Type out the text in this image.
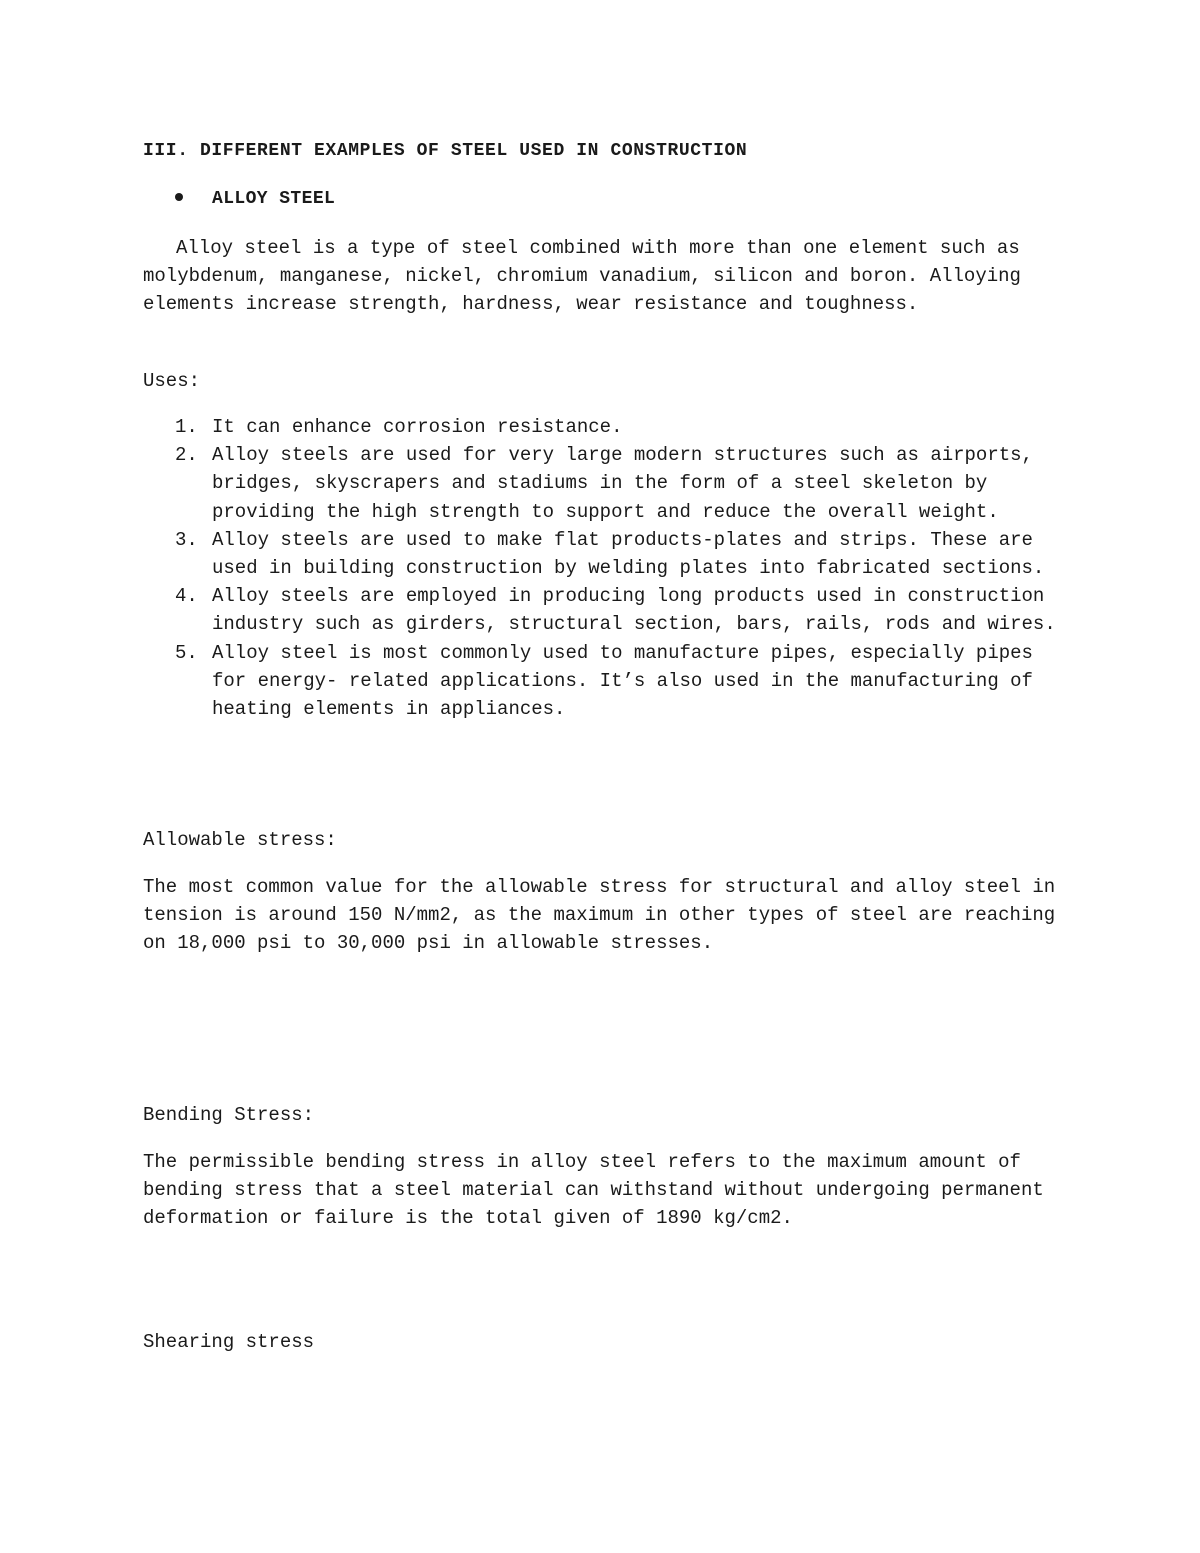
III. DIFFERENT EXAMPLES OF STEEL USED IN CONSTRUCTION
ALLOY STEEL

Alloy steel is a type of steel combined with more than one element such as molybdenum, manganese, nickel, chromium vanadium, silicon and boron. Alloying elements increase strength, hardness, wear resistance and toughness.

Uses:

1. It can enhance corrosion resistance.
2. Alloy steels are used for very large modern structures such as airports, bridges, skyscrapers and stadiums in the form of a steel skeleton by providing the high strength to support and reduce the overall weight.
3. Alloy steels are used to make flat products-plates and strips. These are used in building construction by welding plates into fabricated sections.
4. Alloy steels are employed in producing long products used in construction industry such as girders, structural section, bars, rails, rods and wires.
5. Alloy steel is most commonly used to manufacture pipes, especially pipes for energy- related applications. It’s also used in the manufacturing of heating elements in appliances.

Allowable stress:

The most common value for the allowable stress for structural and alloy steel in tension is around 150 N/mm2, as the maximum in other types of steel are reaching on 18,000 psi to 30,000 psi in allowable stresses.

Bending Stress:

The permissible bending stress in alloy steel refers to the maximum amount of bending stress that a steel material can withstand without undergoing permanent deformation or failure is the total given of 1890 kg/cm2.

Shearing stress
